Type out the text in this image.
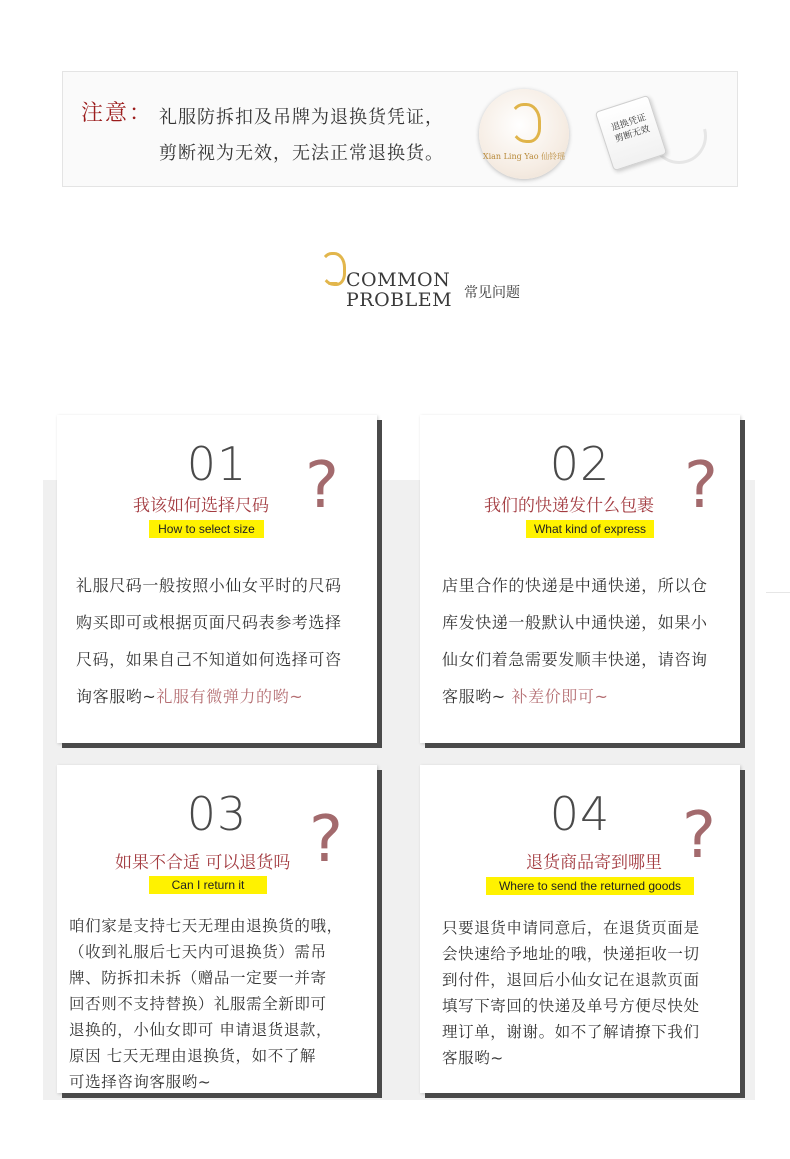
注意： 礼服防拆扣及吊牌为退换货凭证，
剪断视为无效，无法正常退换货。	Xian Ling Yao 仙铃瑶
退换凭证 剪断无效
COMMON
PROBLEM 常见问题
01 ?
我该如何选择尺码
How to select size
礼服尺码一般按照小仙女平时的尺码
购买即可或根据页面尺码表参考选择
尺码，如果自己不知道如何选择可咨
询客服哟~礼服有微弹力的哟~
02	?
我们的快递发什么包裹
What kind of express
店里合作的快递是中通快递，所以仓
库发快递一般默认中通快递，如果小
仙女们着急需要发顺丰快递，请咨询
客服哟~ 补差价即可~
03 ?
如果不合适 可以退货吗
Can I return it
咱们家是支持七天无理由退换货的哦，
（收到礼服后七天内可退换货）需吊
牌、防拆扣未拆（赠品一定要一并寄
回否则不支持替换）礼服需全新即可
退换的，小仙女即可 申请退货退款，
原因 七天无理由退换货，如不了解
可选择咨询客服哟~
04	?
退货商品寄到哪里
Where to send the returned goods
只要退货申请同意后，在退货页面是
会快速给予地址的哦，快递拒收一切
到付件，退回后小仙女记在退款页面
填写下寄回的快递及单号方便尽快处
理订单，谢谢。如不了解请撩下我们
客服哟~
